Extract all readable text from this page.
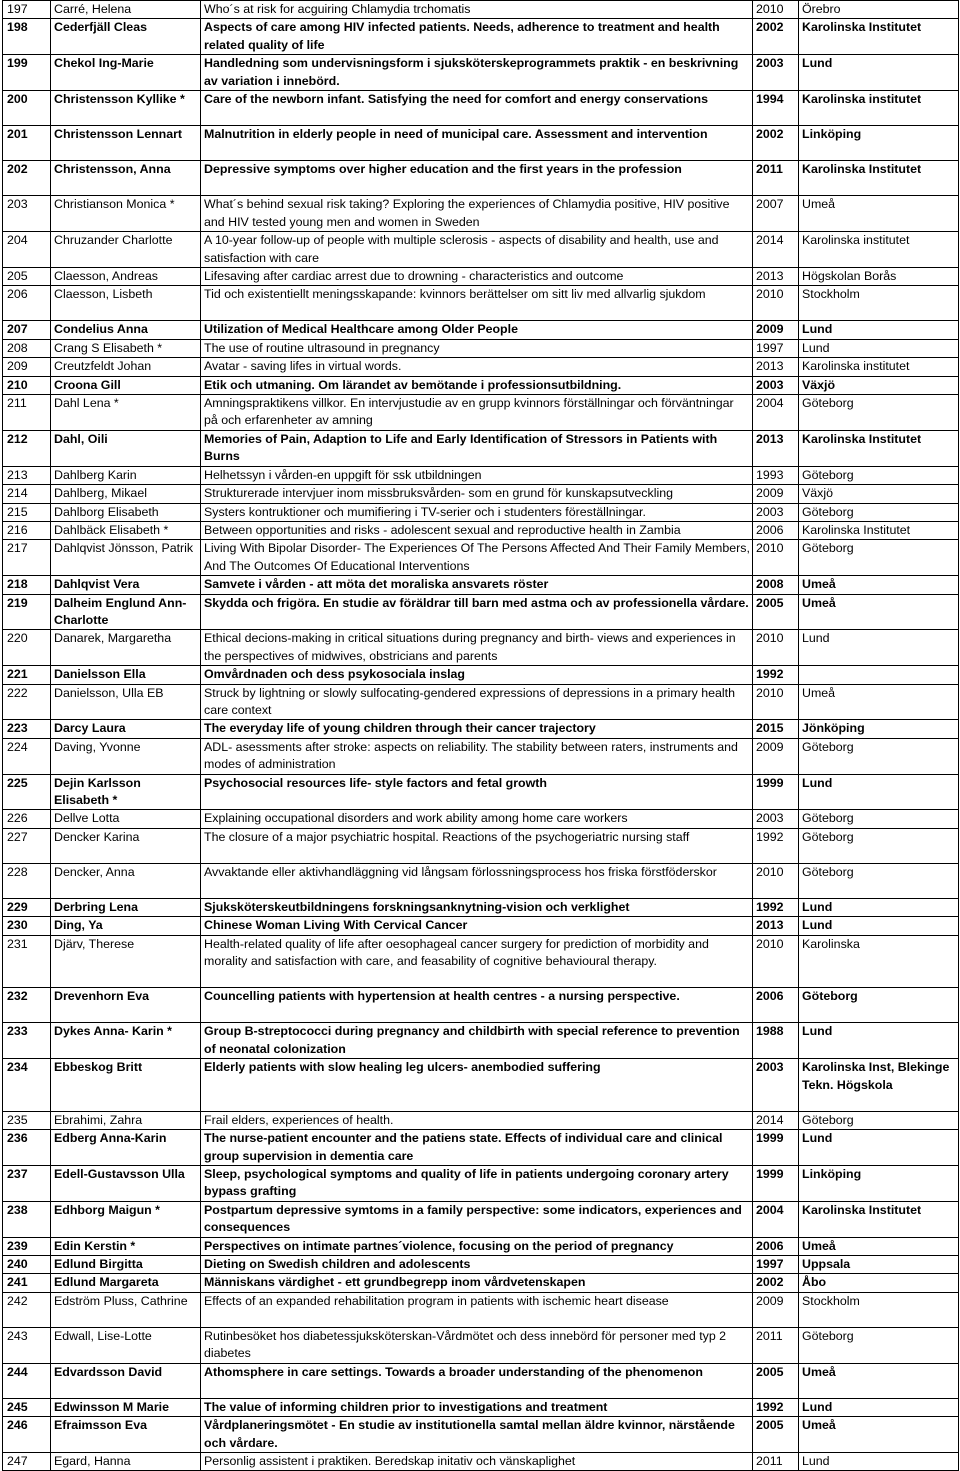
197	Carré, Helena	Who´s at risk for acguiring Chlamydia trchomatis	2010	Örebro
198	Cederfjäll Cleas	Aspects of care among HIV infected patients. Needs, adherence to treatment and health related quality of life	2002	Karolinska Institutet
199	Chekol Ing-Marie	Handledning som undervisningsform i sjuksköterskeprogrammets praktik - en beskrivning av variation i innebörd.	2003	Lund
200	Christensson Kyllike *	Care of the newborn infant. Satisfying the need for comfort and energy conservations	1994	Karolinska institutet
201	Christensson Lennart	Malnutrition in elderly people in need of municipal care. Assessment and intervention	2002	Linköping
202	Christensson, Anna	Depressive symptoms over higher education and the first years in the profession	2011	Karolinska Institutet
203	Christianson Monica *	What´s behind sexual risk taking? Exploring the experiences of Chlamydia positive, HIV positive and HIV tested young men and women in Sweden	2007	Umeå
204	Chruzander Charlotte	A 10-year follow-up of people with multiple sclerosis - aspects of disability and health, use and satisfaction with care	2014	Karolinska institutet
205	Claesson, Andreas	Lifesaving after cardiac arrest due to drowning - characteristics and outcome	2013	Högskolan Borås
206	Claesson, Lisbeth	Tid och existentiellt meningsskapande: kvinnors berättelser om sitt liv med allvarlig sjukdom	2010	Stockholm
207	Condelius Anna	Utilization of Medical Healthcare among Older People	2009	Lund
208	Crang S Elisabeth *	The use of routine ultrasound in pregnancy	1997	Lund
209	Creutzfeldt Johan	Avatar - saving lifes in virtual words.	2013	Karolinska institutet
210	Croona Gill	Etik och utmaning. Om lärandet av bemötande i professionsutbildning.	2003	Växjö
211	Dahl Lena *	Amningspraktikens villkor. En intervjustudie av en grupp kvinnors förställningar och förväntningar på och erfarenheter av amning	2004	Göteborg
212	Dahl, Oili	Memories of Pain, Adaption to Life and Early Identification of Stressors in Patients with Burns	2013	Karolinska Institutet
213	Dahlberg Karin	Helhetssyn i vården-en uppgift för ssk utbildningen	1993	Göteborg
214	Dahlberg, Mikael	Strukturerade intervjuer inom missbruksvården- som en grund för kunskapsutveckling	2009	Växjö
215	Dahlborg Elisabeth	Systers kontruktioner och mumifiering i TV-serier och i studenters föreställningar.	2003	Göteborg
216	Dahlbäck Elisabeth *	Between opportunities and risks - adolescent sexual and reproductive health in Zambia	2006	Karolinska Institutet
217	Dahlqvist Jönsson, Patrik	Living With Bipolar Disorder- The Experiences Of The Persons Affected And Their Family Members, And The Outcomes Of Educational Interventions	2010	Göteborg
218	Dahlqvist Vera	Samvete i vården - att möta det moraliska ansvarets röster	2008	Umeå
219	Dalheim Englund Ann-Charlotte	Skydda och frigöra. En studie av föräldrar till barn med astma och av professionella vårdare.	2005	Umeå
220	Danarek, Margaretha	Ethical decions-making in critical situations during pregnancy and birth- views and experiences in the perspectives of midwives, obstricians and parents	2010	Lund
221	Danielsson Ella	Omvårdnaden och dess psykosociala inslag	1992	
222	Danielsson, Ulla EB	Struck by lightning or slowly sulfocating-gendered expressions of depressions in a primary health care context	2010	Umeå
223	Darcy Laura	The everyday life of young children through their cancer trajectory	2015	Jönköping
224	Daving, Yvonne	ADL- asessments after stroke: aspects on reliability. The stability between raters, instruments and modes of administration	2009	Göteborg
225	Dejin Karlsson Elisabeth *	Psychosocial resources life- style factors and fetal growth	1999	Lund
226	Dellve Lotta	Explaining occupational disorders and work ability among home care workers	2003	Göteborg
227	Dencker Karina	The closure of a major psychiatric hospital. Reactions of the psychogeriatric nursing staff	1992	Göteborg
228	Dencker, Anna	Avvaktande eller aktivhandläggning vid långsam förlossningsprocess hos friska förstföderskor	2010	Göteborg
229	Derbring Lena	Sjuksköterskeutbildningens forskningsanknytning-vision och verklighet	1992	Lund
230	Ding, Ya	Chinese Woman Living With Cervical Cancer	2013	Lund
231	Djärv, Therese	Health-related quality of life after oesophageal cancer surgery for prediction of morbidity and morality and satisfaction with care, and feasability of cognitive behavioural therapy.	2010	Karolinska
232	Drevenhorn Eva	Councelling patients with hypertension at health centres - a nursing perspective.	2006	Göteborg
233	Dykes Anna- Karin *	Group B-streptococci during pregnancy and childbirth with special reference to prevention of neonatal colonization	1988	Lund
234	Ebbeskog Britt	Elderly patients with slow healing leg ulcers- anembodied suffering	2003	Karolinska Inst, Blekinge Tekn. Högskola
235	Ebrahimi, Zahra	Frail elders, experiences of health.	2014	Göteborg
236	Edberg Anna-Karin	The nurse-patient encounter and the patiens state. Effects of individual care and clinical group supervision in dementia care	1999	Lund
237	Edell-Gustavsson Ulla	Sleep, psychological symptoms and quality of life in patients undergoing coronary artery bypass grafting	1999	Linköping
238	Edhborg Maigun *	Postpartum depressive symtoms in a family perspective: some indicators, experiences and consequences	2004	Karolinska Institutet
239	Edin Kerstin *	Perspectives on intimate partnes´violence, focusing on the period of pregnancy	2006	Umeå
240	Edlund Birgitta	Dieting on Swedish children and adolescents	1997	Uppsala
241	Edlund Margareta	Människans värdighet - ett grundbegrepp inom vårdvetenskapen	2002	Åbo
242	Edström Pluss, Cathrine	Effects of an expanded rehabilitation program in patients with ischemic heart disease	2009	Stockholm
243	Edwall, Lise-Lotte	Rutinbesöket hos diabetessjuksköterskan-Vårdmötet och dess innebörd för personer med typ 2 diabetes	2011	Göteborg
244	Edvardsson David	Athomsphere in care settings. Towards a broader understanding of the phenomenon	2005	Umeå
245	Edwinsson M Marie	The value of informing children prior to investigations and treatment	1992	Lund
246	Efraimsson Eva	Vårdplaneringsmötet - En studie av institutionella samtal mellan äldre kvinnor, närstående och vårdare.	2005	Umeå
247	Egard, Hanna	Personlig assistent i praktiken. Beredskap initativ och vänskaplighet	2011	Lund
